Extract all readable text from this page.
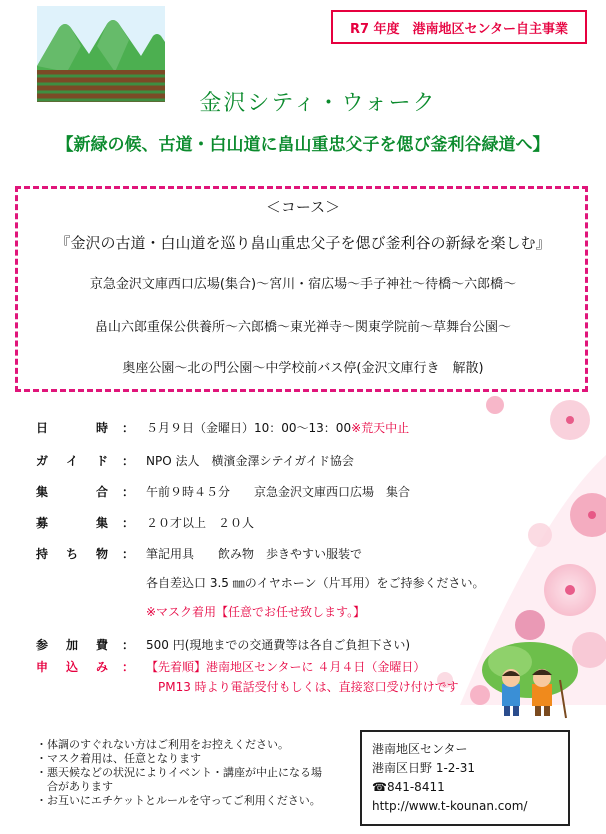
R7 年度　港南地区センター自主事業
金沢シティ・ウォーク
【新緑の候、古道・白山道に畠山重忠父子を偲び釜利谷緑道へ】
＜コース＞
『金沢の古道・白山道を巡り畠山重忠父子を偲び釜利谷の新緑を楽しむ』
京急金沢文庫西口広場(集合)～宮川・宿広場～手子神社～待橋～六郎橋～
畠山六郎重保公供養所～六郎橋～東光禅寺～関東学院前～草舞台公園～
奥座公園～北の門公園～中学校前バス停(金沢文庫行き　解散)
日	時 ： ５月９日（金曜日）10：00～13：00※荒天中止
ガ イ ド ： NPO 法人　横濱金澤シテイガイド協会
集	合 ： 午前９時４５分　　京急金沢文庫西口広場　集合
募	集 ： ２０才以上　２０人
持 ち 物 ： 筆記用具　　飲み物　歩きやすい服装で
各自差込口 3.5 ㎜のイヤホーン（片耳用）をご持参ください。
※マスク着用【任意でお任せ致します。】
参 加 費 ： 500 円(現地までの交通費等は各自ご負担下さい)
申 込 み ： 【先着順】港南地区センターに ４月４日（金曜日）
PM13 時より電話受付もしくは、直接窓口受け付けです
・体調のすぐれない方はご利用をお控えください。
・マスク着用は、任意となります
・悪天候などの状況によりイベント・講座が中止になる場
　合があります
・お互いにエチケットとルールを守ってご利用ください。
港南地区センター
港南区日野 1-2-31
☎841-8411
http://www.t-kounan.com/
